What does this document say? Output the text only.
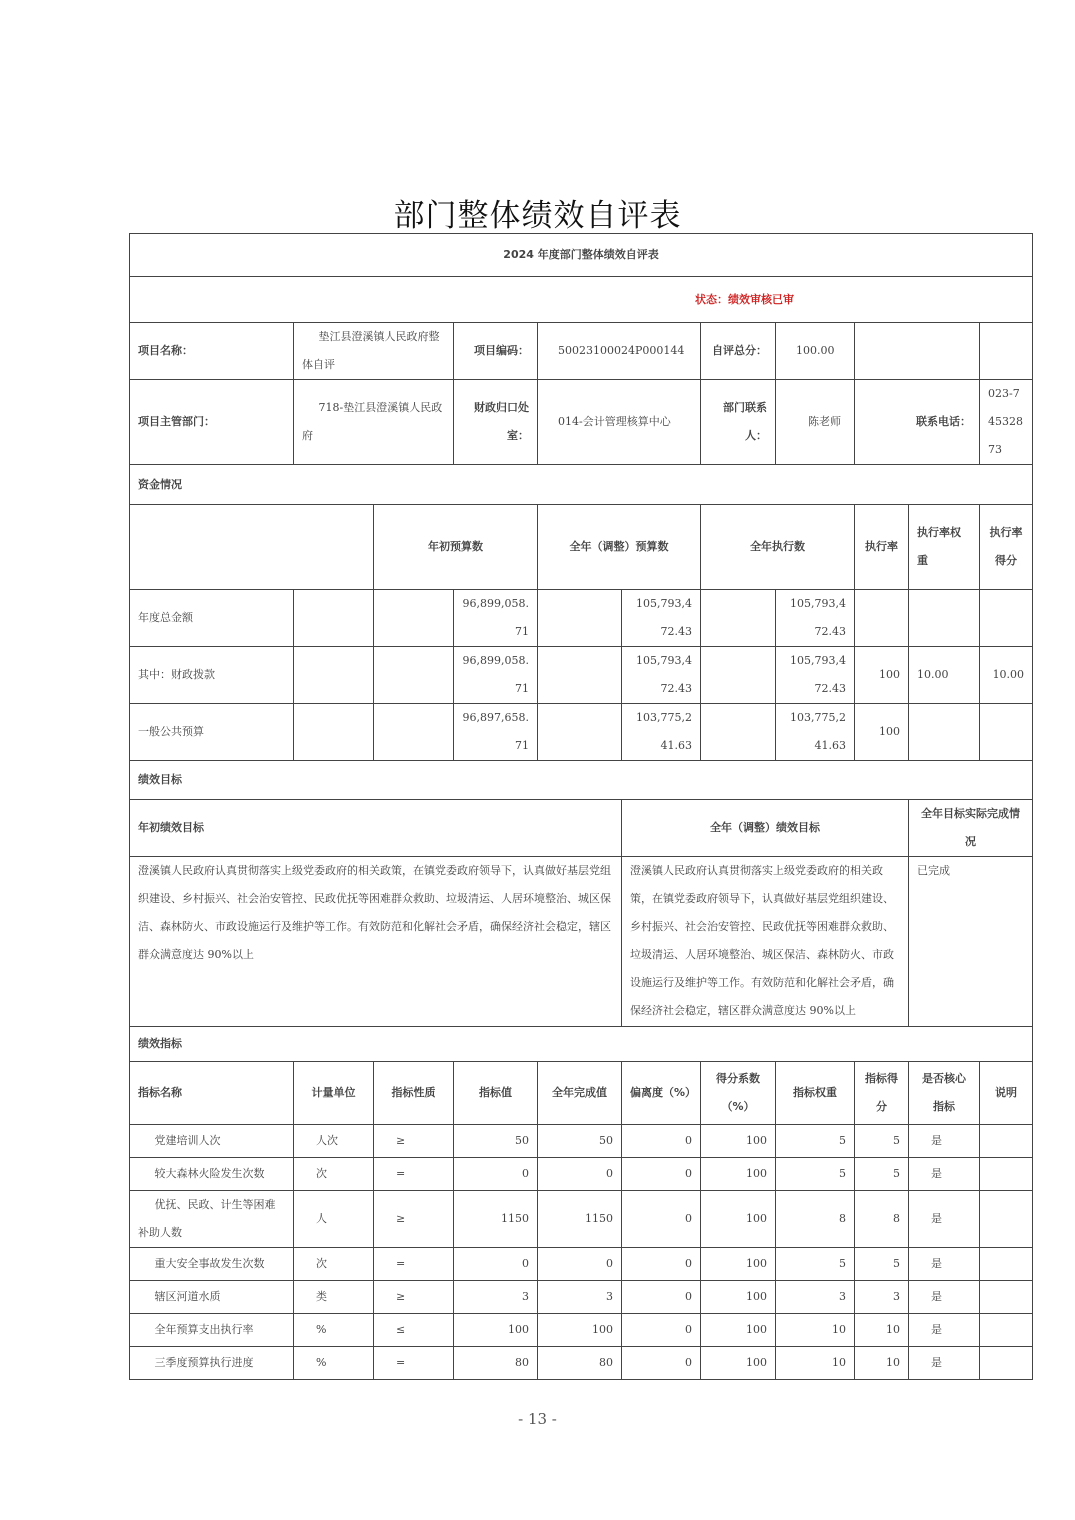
部门整体绩效自评表
2024 年度部门整体绩效自评表										
状态：绩效审核已审										
项目名称：	垫江县澄溪镇人民政府整体自评		项目编码：	50023100024P000144		自评总分：	100.00			
项目主管部门：	718-垫江县澄溪镇人民政府		财政归口处室：	014-会计管理核算中心		部门联系人：	陈老师	联系电话：		023-74532873
资金情况										
		年初预算数		全年（调整）预算数		全年执行数		执行率	执行率权重	执行率得分
年度总金额			96,899,058.71		105,793,472.43		105,793,472.43			
其中：财政拨款			96,899,058.71		105,793,472.43		105,793,472.43	100	10.00	10.00
一般公共预算			96,897,658.71		103,775,241.63		103,775,241.63	100		
绩效目标										
年初绩效目标					全年（调整）绩效目标				全年目标实际完成情况	
澄溪镇人民政府认真贯彻落实上级党委政府的相关政策，在镇党委政府领导下，认真做好基层党组织建设、乡村振兴、社会治安管控、民政优抚等困难群众救助、垃圾清运、人居环境整治、城区保洁、森林防火、市政设施运行及维护等工作。有效防范和化解社会矛盾，确保经济社会稳定，辖区群众满意度达 90%以上					澄溪镇人民政府认真贯彻落实上级党委政府的相关政策，在镇党委政府领导下，认真做好基层党组织建设、乡村振兴、社会治安管控、民政优抚等困难群众救助、垃圾清运、人居环境整治、城区保洁、森林防火、市政设施运行及维护等工作。有效防范和化解社会矛盾，确保经济社会稳定，辖区群众满意度达 90%以上				已完成	
绩效指标										
指标名称	计量单位	指标性质	指标值	全年完成值	偏离度（%）	得分系数（%）	指标权重	指标得分	是否核心指标	说明
党建培训人次	人次	≥	50	50	0	100	5	5	是	
较大森林火险发生次数	次	=	0	0	0	100	5	5	是	
优抚、民政、计生等困难补助人数	人	≥	1150	1150	0	100	8	8	是	
重大安全事故发生次数	次	=	0	0	0	100	5	5	是	
辖区河道水质	类	≥	3	3	0	100	3	3	是	
全年预算支出执行率	%	≤	100	100	0	100	10	10	是	
三季度预算执行进度	%	=	80	80	0	100	10	10	是	
- 13 -
